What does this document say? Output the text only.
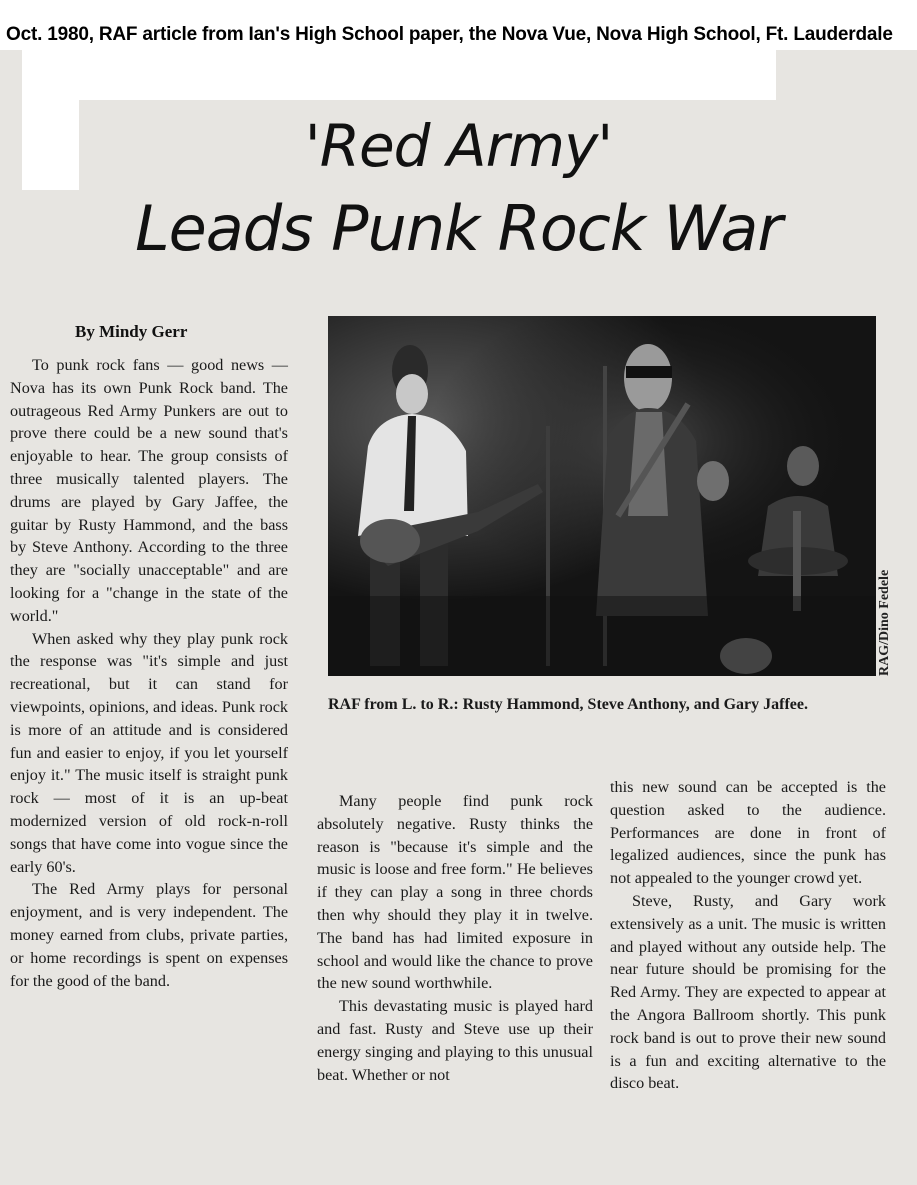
Oct. 1980, RAF article from Ian's High School paper, the Nova Vue, Nova High School, Ft. Lauderdale
'Red Army'
Leads Punk Rock War
By Mindy Gerr

To punk rock fans — good news — Nova has its own Punk Rock band. The outrageous Red Army Punkers are out to prove there could be a new sound that's enjoyable to hear. The group consists of three musically talented players. The drums are played by Gary Jaffee, the guitar by Rusty Hammond, and the bass by Steve Anthony. According to the three they are "socially unacceptable" and are looking for a "change in the state of the world."

When asked why they play punk rock the response was "it's simple and just recreational, but it can stand for viewpoints, opinions, and ideas. Punk rock is more of an attitude and is considered fun and easier to enjoy, if you let yourself enjoy it." The music itself is straight punk rock — most of it is an up-beat modernized version of old rock-n-roll songs that have come into vogue since the early 60's.

The Red Army plays for personal enjoyment, and is very independent. The money earned from clubs, private parties, or home recordings is spent on expenses for the good of the band.

RAG/Dino Fedele
RAF from L. to R.: Rusty Hammond, Steve Anthony, and Gary Jaffee.

Many people find punk rock absolutely negative. Rusty thinks the reason is "because it's simple and the music is loose and free form." He believes if they can play a song in three chords then why should they play it in twelve. The band has had limited exposure in school and would like the chance to prove the new sound worthwhile.

This devastating music is played hard and fast. Rusty and Steve use up their energy singing and playing to this unusual beat. Whether or not

this new sound can be accepted is the question asked to the audience. Performances are done in front of legalized audiences, since the punk has not appealed to the younger crowd yet.

Steve, Rusty, and Gary work extensively as a unit. The music is written and played without any outside help. The near future should be promising for the Red Army. They are expected to appear at the Angora Ballroom shortly. This punk rock band is out to prove their new sound is a fun and exciting alternative to the disco beat.
